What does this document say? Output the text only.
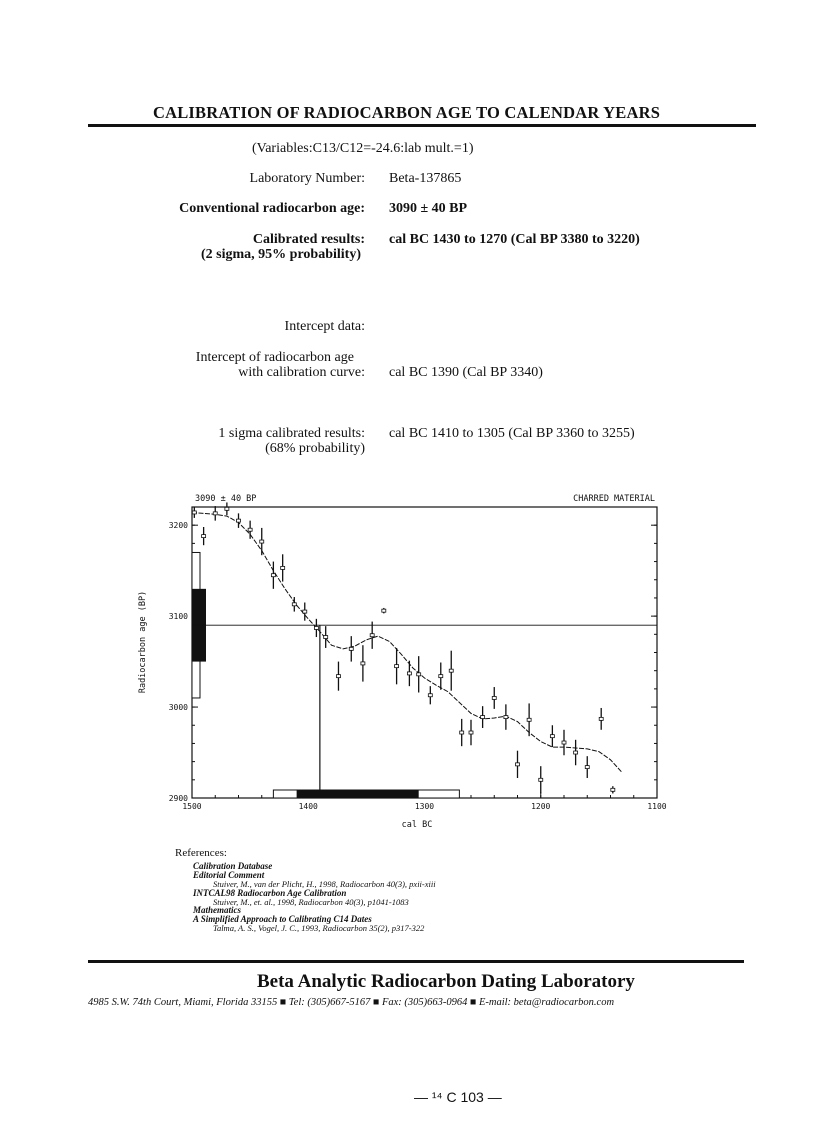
CALIBRATION OF RADIOCARBON AGE TO CALENDAR YEARS
(Variables:C13/C12=-24.6:lab mult.=1)
Laboratory Number: Beta-137865
Conventional radiocarbon age: 3090 ± 40 BP
Calibrated results:
(2 sigma, 95% probability)
cal BC 1430 to 1270 (Cal BP 3380 to 3220)
Intercept data:
Intercept of radiocarbon age
with calibration curve: cal BC 1390 (Cal BP 3340)
1 sigma calibrated results:
(68% probability)
cal BC 1410 to 1305 (Cal BP 3360 to 3255)
3090 ± 40 BP	CHARRED MATERIAL
1500	1400	1300	1200	1100
3200
3100
3000
2900
Radiocarbon age (BP)
cal BC
References:
Calibration Database
Editorial Comment
Stuiver, M., van der Plicht, H., 1998, Radiocarbon 40(3), pxii-xiii
INTCAL98 Radiocarbon Age Calibration
Stuiver, M., et. al., 1998, Radiocarbon 40(3), p1041-1083
Mathematics
A Simplified Approach to Calibrating C14 Dates
Talma, A. S., Vogel, J. C., 1993, Radiocarbon 35(2), p317-322
Beta Analytic Radiocarbon Dating Laboratory
4985 S.W. 74th Court, Miami, Florida 33155 ■ Tel: (305)667-5167 ■ Fax: (305)663-0964 ■ E-mail: beta@radiocarbon.com
— ¹⁴ C 103 —
